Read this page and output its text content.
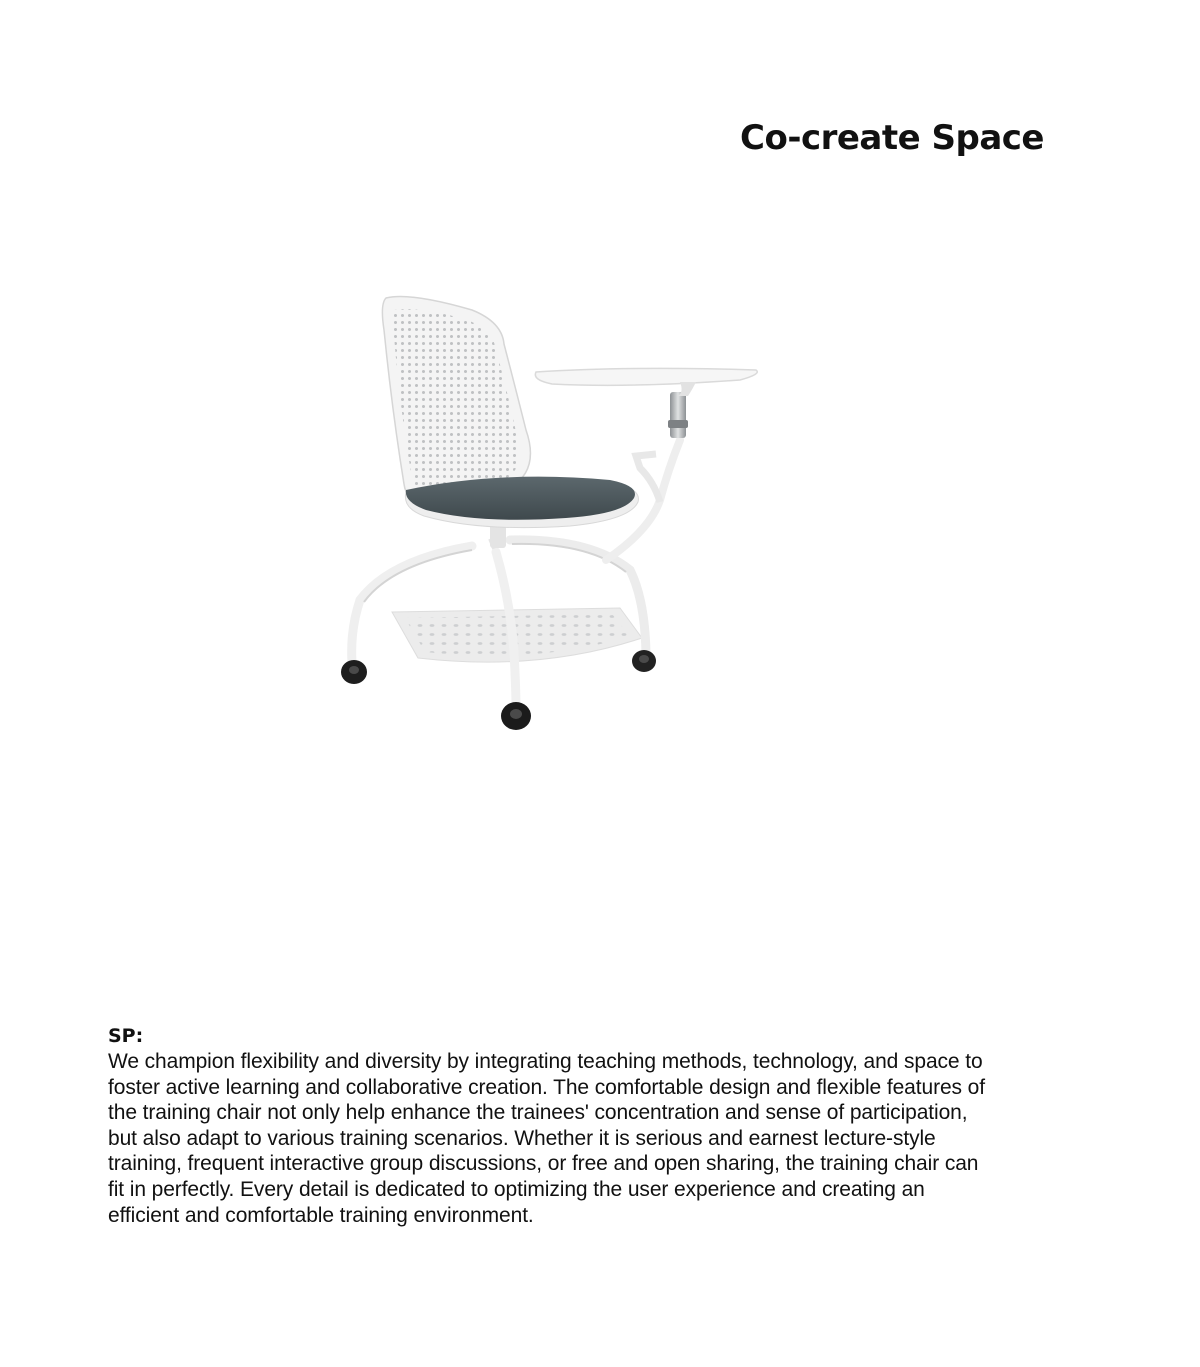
Co-create Space

SP:

We champion flexibility and diversity by integrating teaching methods, technology, and space to foster active learning and collaborative creation. The comfortable design and flexible features of the training chair not only help enhance the trainees' concentration and sense of participation, but also adapt to various training scenarios. Whether it is serious and earnest lecture-style training, frequent interactive group discussions, or free and open sharing, the training chair can fit in perfectly. Every detail is dedicated to optimizing the user experience and creating an efficient and comfortable training environment.
